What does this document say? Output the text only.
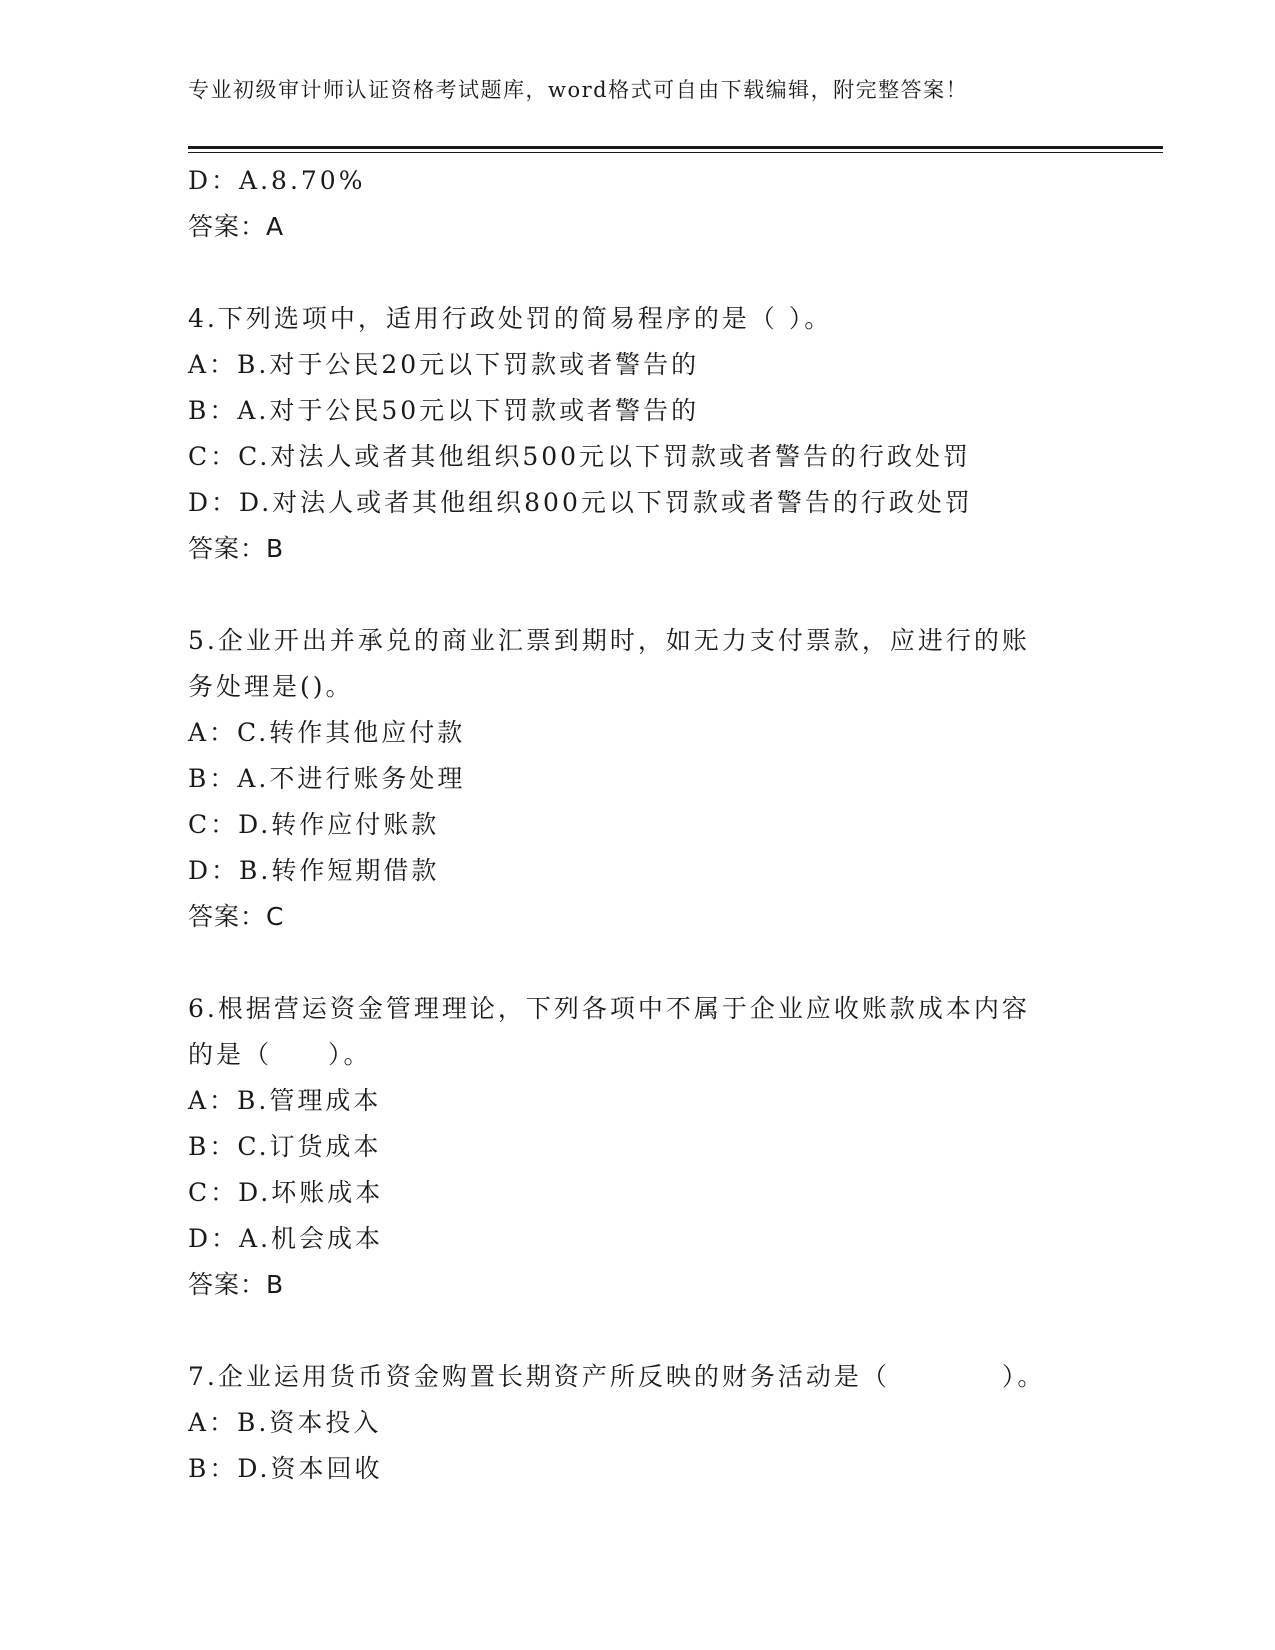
专业初级审计师认证资格考试题库，word格式可自由下载编辑，附完整答案！
D：A.8.70%
答案：A
4.下列选项中，适用行政处罚的简易程序的是（ ）。
A：B.对于公民20元以下罚款或者警告的
B：A.对于公民50元以下罚款或者警告的
C：C.对法人或者其他组织500元以下罚款或者警告的行政处罚
D：D.对法人或者其他组织800元以下罚款或者警告的行政处罚
答案：B
5.企业开出并承兑的商业汇票到期时，如无力支付票款，应进行的账
务处理是()。
A：C.转作其他应付款
B：A.不进行账务处理
C：D.转作应付账款
D：B.转作短期借款
答案：C
6.根据营运资金管理理论，下列各项中不属于企业应收账款成本内容
的是（　　）。
A：B.管理成本
B：C.订货成本
C：D.坏账成本
D：A.机会成本
答案：B
7.企业运用货币资金购置长期资产所反映的财务活动是（　　　　）。
A：B.资本投入
B：D.资本回收
